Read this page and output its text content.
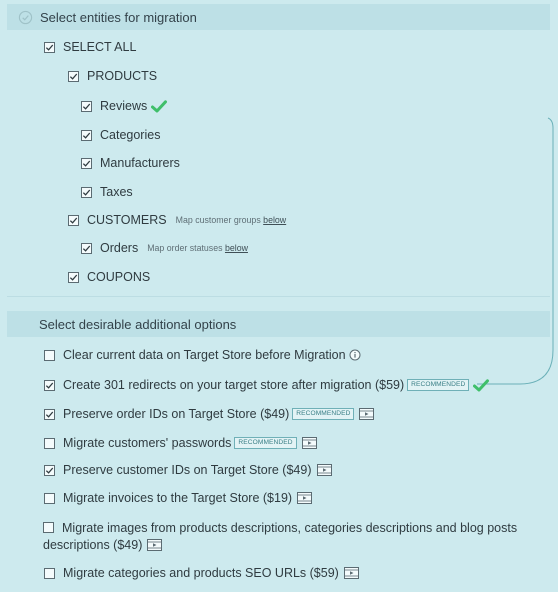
Select entities for migration
SELECT ALL
PRODUCTS
Reviews
Categories
Manufacturers
Taxes
CUSTOMERS Map customer groups below
Orders Map order statuses below
COUPONS
Select desirable additional options
Clear current data on Target Store before Migration
Create 301 redirects on your target store after migration ($59)	RECOMMENDED
Preserve order IDs on Target Store ($49)	RECOMMENDED
Migrate customers' passwords	RECOMMENDED
Preserve customer IDs on Target Store ($49)
Migrate invoices to the Target Store ($19)
Migrate images from products descriptions, categories descriptions and blog posts descriptions ($49)
Migrate categories and products SEO URLs ($59)
